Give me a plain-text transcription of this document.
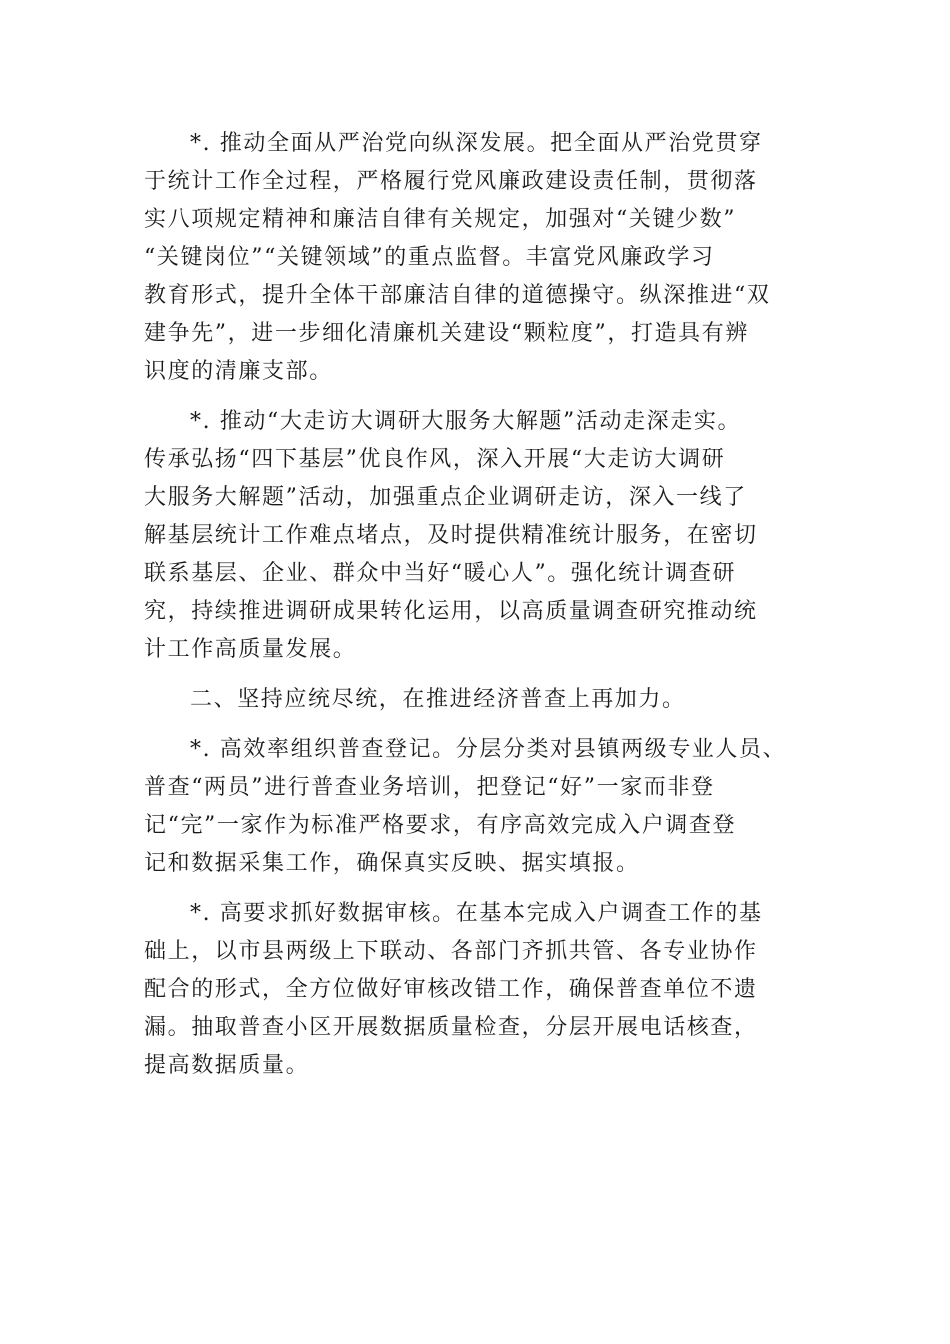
*. 推动全面从严治党向纵深发展。把全面从严治党贯穿
于统计工作全过程，严格履行党风廉政建设责任制，贯彻落
实八项规定精神和廉洁自律有关规定，加强对“关键少数”
“关键岗位”“关键领域”的重点监督。丰富党风廉政学习
教育形式，提升全体干部廉洁自律的道德操守。纵深推进“双
建争先”，进一步细化清廉机关建设“颗粒度”，打造具有辨
识度的清廉支部。

*. 推动“大走访大调研大服务大解题”活动走深走实。
传承弘扬“四下基层”优良作风，深入开展“大走访大调研
大服务大解题”活动，加强重点企业调研走访，深入一线了
解基层统计工作难点堵点，及时提供精准统计服务，在密切
联系基层、企业、群众中当好“暖心人”。强化统计调查研
究，持续推进调研成果转化运用，以高质量调查研究推动统
计工作高质量发展。

二、坚持应统尽统，在推进经济普查上再加力。

*. 高效率组织普查登记。分层分类对县镇两级专业人员、
普查“两员”进行普查业务培训，把登记“好”一家而非登
记“完”一家作为标准严格要求，有序高效完成入户调查登
记和数据采集工作，确保真实反映、据实填报。

*. 高要求抓好数据审核。在基本完成入户调查工作的基
础上，以市县两级上下联动、各部门齐抓共管、各专业协作
配合的形式，全方位做好审核改错工作，确保普查单位不遗
漏。抽取普查小区开展数据质量检查，分层开展电话核查，
提高数据质量。
